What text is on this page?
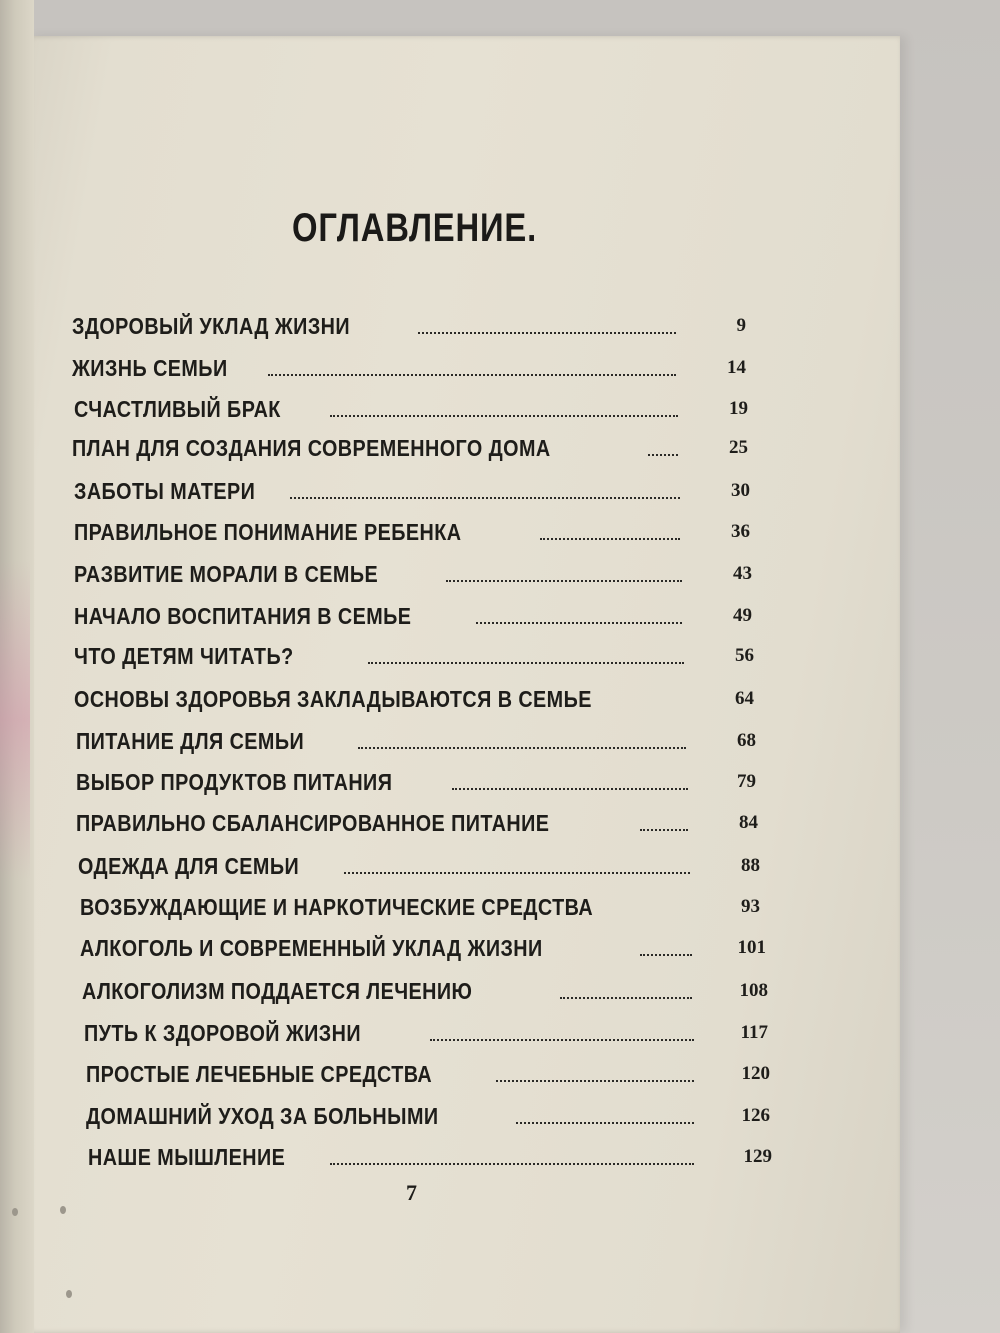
ОГЛАВЛЕНИЕ.
ЗДОРОВЫЙ УКЛАД ЖИЗНИ	9
ЖИЗНЬ СЕМЬИ	14
СЧАСТЛИВЫЙ БРАК	19
ПЛАН ДЛЯ СОЗДАНИЯ СОВРЕМЕННОГО ДОМА	25
ЗАБОТЫ МАТЕРИ	30
ПРАВИЛЬНОЕ ПОНИМАНИЕ РЕБЕНКА	36
РАЗВИТИЕ МОРАЛИ В СЕМЬЕ	43
НАЧАЛО ВОСПИТАНИЯ В СЕМЬЕ	49
ЧТО ДЕТЯМ ЧИТАТЬ?	56
ОСНОВЫ ЗДОРОВЬЯ ЗАКЛАДЫВАЮТСЯ В СЕМЬЕ	64
ПИТАНИЕ ДЛЯ СЕМЬИ	68
ВЫБОР ПРОДУКТОВ ПИТАНИЯ	79
ПРАВИЛЬНО СБАЛАНСИРОВАННОЕ ПИТАНИЕ	84
ОДЕЖДА ДЛЯ СЕМЬИ	88
ВОЗБУЖДАЮЩИЕ И НАРКОТИЧЕСКИЕ СРЕДСТВА	93
АЛКОГОЛЬ И СОВРЕМЕННЫЙ УКЛАД ЖИЗНИ	101
АЛКОГОЛИЗМ ПОДДАЕТСЯ ЛЕЧЕНИЮ	108
ПУТЬ К ЗДОРОВОЙ ЖИЗНИ	117
ПРОСТЫЕ ЛЕЧЕБНЫЕ СРЕДСТВА	120
ДОМАШНИЙ УХОД ЗА БОЛЬНЫМИ	126
НАШЕ МЫШЛЕНИЕ	129
7
